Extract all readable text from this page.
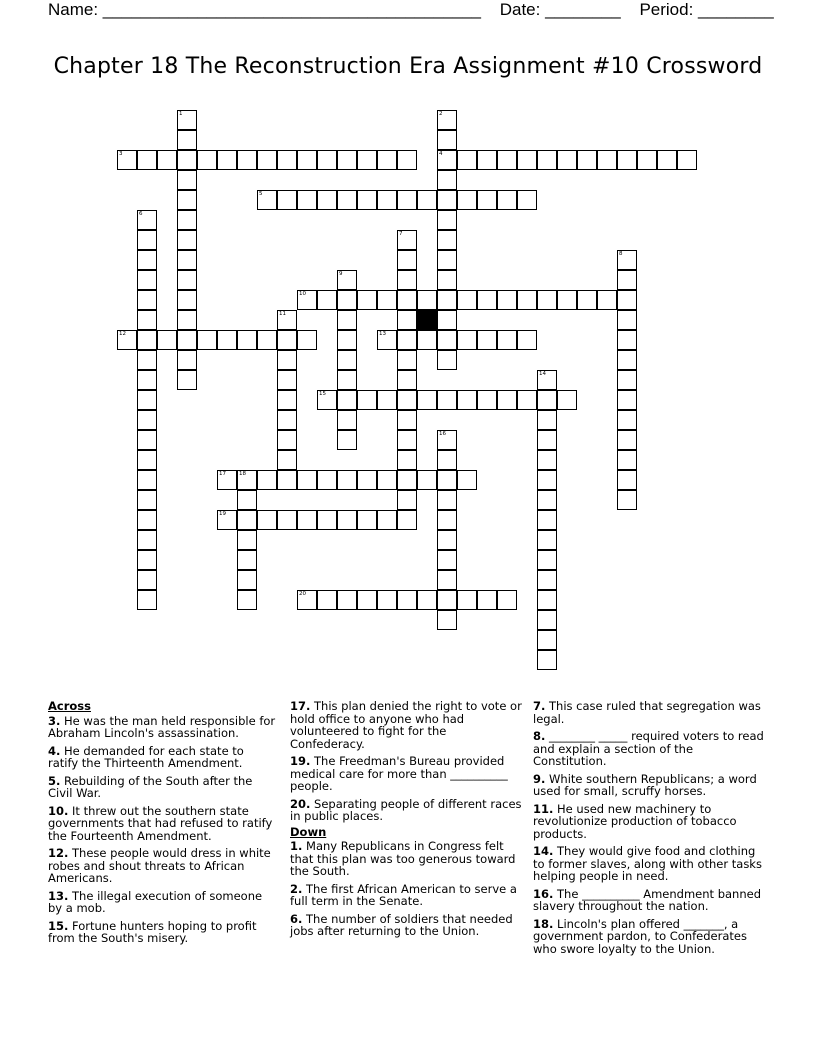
Name: ________________________________________ Date: ________ Period: ________
Chapter 18 The Reconstruction Era Assignment #10 Crossword
1	2
4
3
5
6
7
8
9
10
11
12	13
14
15
16
17 18
19
20
Across
3. He was the man held responsible for Abraham Lincoln's assassination.
4. He demanded for each state to ratify the Thirteenth Amendment.
5. Rebuilding of the South after the Civil War.
10. It threw out the southern state governments that had refused to ratify the Fourteenth Amendment.
12. These people would dress in white robes and shout threats to African Americans.
13. The illegal execution of someone by a mob.
15. Fortune hunters hoping to profit from the South's misery.
17. This plan denied the right to vote or hold office to anyone who had volunteered to fight for the Confederacy.
19. The Freedman's Bureau provided medical care for more than __________ people.
20. Separating people of different races in public places.
Down
1. Many Republicans in Congress felt that this plan was too generous toward the South.
2. The first African American to serve a full term in the Senate.
6. The number of soldiers that needed jobs after returning to the Union.
7. This case ruled that segregation was legal.
8. ________ _____ required voters to read and explain a section of the Constitution.
9. White southern Republicans; a word used for small, scruffy horses.
11. He used new machinery to revolutionize production of tobacco products.
14. They would give food and clothing to former slaves, along with other tasks helping people in need.
16. The __________ Amendment banned slavery throughout the nation.
18. Lincoln's plan offered _______, a government pardon, to Confederates who swore loyalty to the Union.
